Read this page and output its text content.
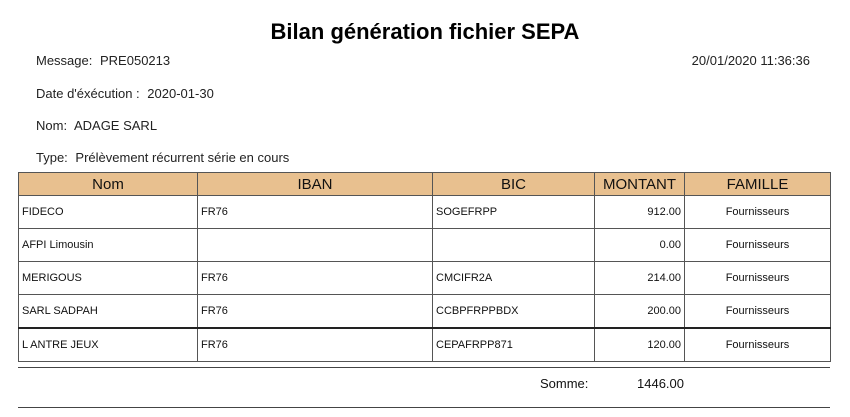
Bilan génération fichier SEPA
Message: PRE050213	20/01/2020 11:36:36
Date d'éxécution : 2020-01-30
Nom: ADAGE SARL
Type: Prélèvement récurrent série en cours
Nom	IBAN	BIC	MONTANT	FAMILLE
FIDECO	FR76	SOGEFRPP	912.00	Fournisseurs
AFPI Limousin			0.00	Fournisseurs
MERIGOUS	FR76	CMCIFR2A	214.00	Fournisseurs
SARL SADPAH	FR76	CCBPFRPPBDX	200.00	Fournisseurs
L ANTRE JEUX	FR76	CEPAFRPP871	120.00	Fournisseurs
Somme:	1446.00
